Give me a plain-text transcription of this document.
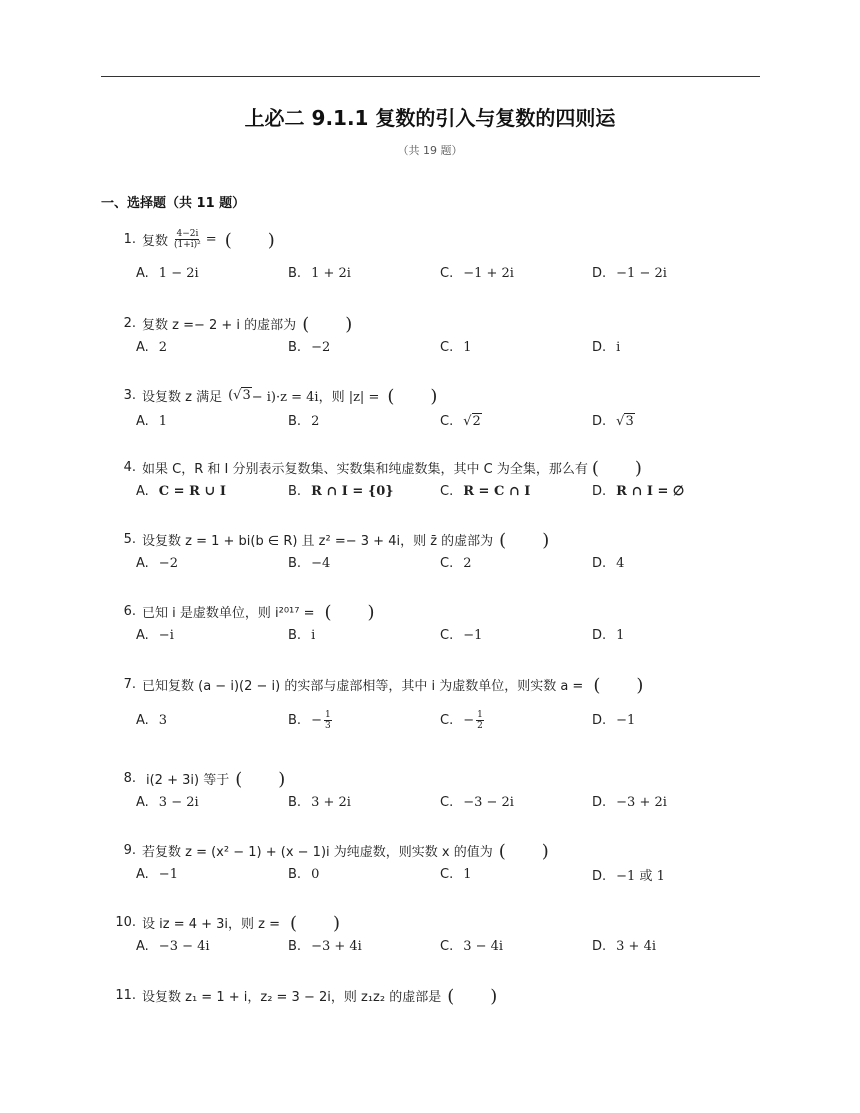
上必二 9.1.1 复数的引入与复数的四则运
（共 19 题）
一、选择题（共 11 题）
1. 复数 $\frac{4-2i}{\text{(1+i)²}}$ = (　　)
A. 1 − 2i	B. 1 + 2i	C. −1 + 2i	D. −1 − 2i
2. 复数 z =− 2 + i 的虚部为 (　　)
A. 2	B. −2	C. 1	D. i
3. 设复数 z 满足 ( √3 − i)·z = 4i，则 |z| = (　　)
A. 1	B. 2	C. √2	D. √3
4. 如果 C，R 和 I 分别表示复数集、实数集和纯虚数集，其中 C 为全集，那么有 (　　)
A. C = R ∪ I	B. R ∩ I = {0}	C. R = C ∩ I	D. R ∩ I = ∅
5. 设复数 z = 1 + bi(b ∈ R) 且 z² =− 3 + 4i，则 z̄ 的虚部为 (　　)
A. −2	B. −4	C. 2	D. 4
6. 已知 i 是虚数单位，则 i²⁰¹⁷ = (　　)
A. −i	B. i	C. −1	D. 1
7. 已知复数 (a − i)(2 − i) 的实部与虚部相等，其中 i 为虚数单位，则实数 a = (　　)
A. 3	B. − $\frac{1}{3}$	C. − $\frac{1}{2}$	D. −1
8. i(2 + 3i) 等于 (　　)
A. 3 − 2i	B. 3 + 2i	C. −3 − 2i	D. −3 + 2i
9. 若复数 z = (x² − 1) + (x − 1)i 为纯虚数，则实数 x 的值为 (　　)
A. −1	B. 0	C. 1	D. −1 或 1
10. 设 iz = 4 + 3i，则 z = (　　)
A. −3 − 4i	B. −3 + 4i	C. 3 − 4i	D. 3 + 4i
11. 设复数 z₁ = 1 + i，z₂ = 3 − 2i，则 z₁z₂ 的虚部是 (　　)
